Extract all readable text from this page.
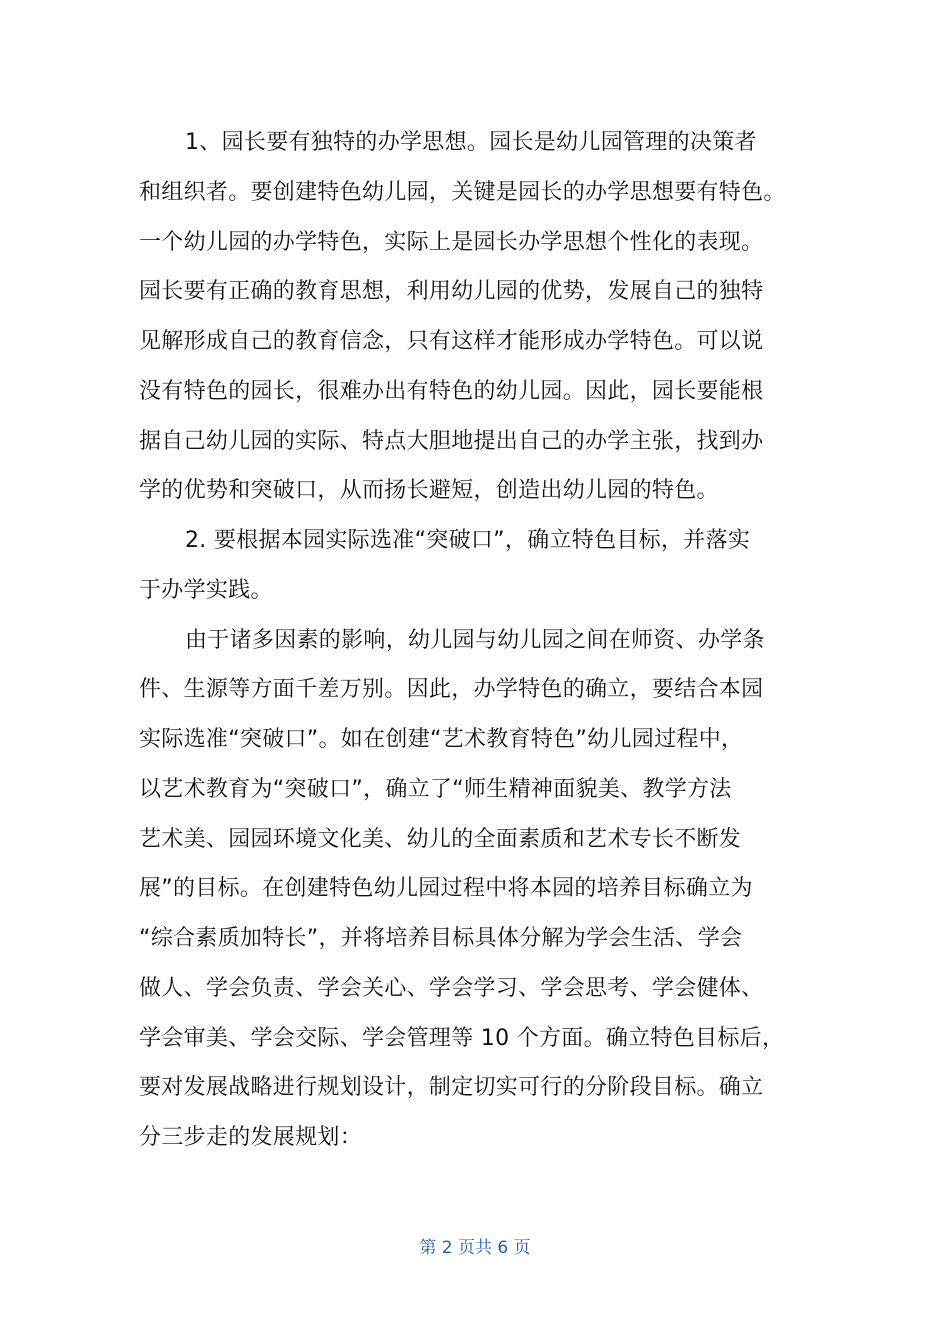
1、园长要有独特的办学思想。园长是幼儿园管理的决策者
和组织者。要创建特色幼儿园，关键是园长的办学思想要有特色。
一个幼儿园的办学特色，实际上是园长办学思想个性化的表现。
园长要有正确的教育思想，利用幼儿园的优势，发展自己的独特
见解形成自己的教育信念，只有这样才能形成办学特色。可以说
没有特色的园长，很难办出有特色的幼儿园。因此，园长要能根
据自己幼儿园的实际、特点大胆地提出自己的办学主张，找到办
学的优势和突破口，从而扬长避短，创造出幼儿园的特色。
2. 要根据本园实际选准“突破口”，确立特色目标，并落实
于办学实践。
由于诸多因素的影响，幼儿园与幼儿园之间在师资、办学条
件、生源等方面千差万别。因此，办学特色的确立，要结合本园
实际选准“突破口”。如在创建“艺术教育特色”幼儿园过程中，
以艺术教育为“突破口”，确立了“师生精神面貌美、教学方法
艺术美、园园环境文化美、幼儿的全面素质和艺术专长不断发
展”的目标。在创建特色幼儿园过程中将本园的培养目标确立为
“综合素质加特长”，并将培养目标具体分解为学会生活、学会
做人、学会负责、学会关心、学会学习、学会思考、学会健体、
学会审美、学会交际、学会管理等 10 个方面。确立特色目标后，
要对发展战略进行规划设计，制定切实可行的分阶段目标。确立
分三步走的发展规划：
第 2 页共 6 页
